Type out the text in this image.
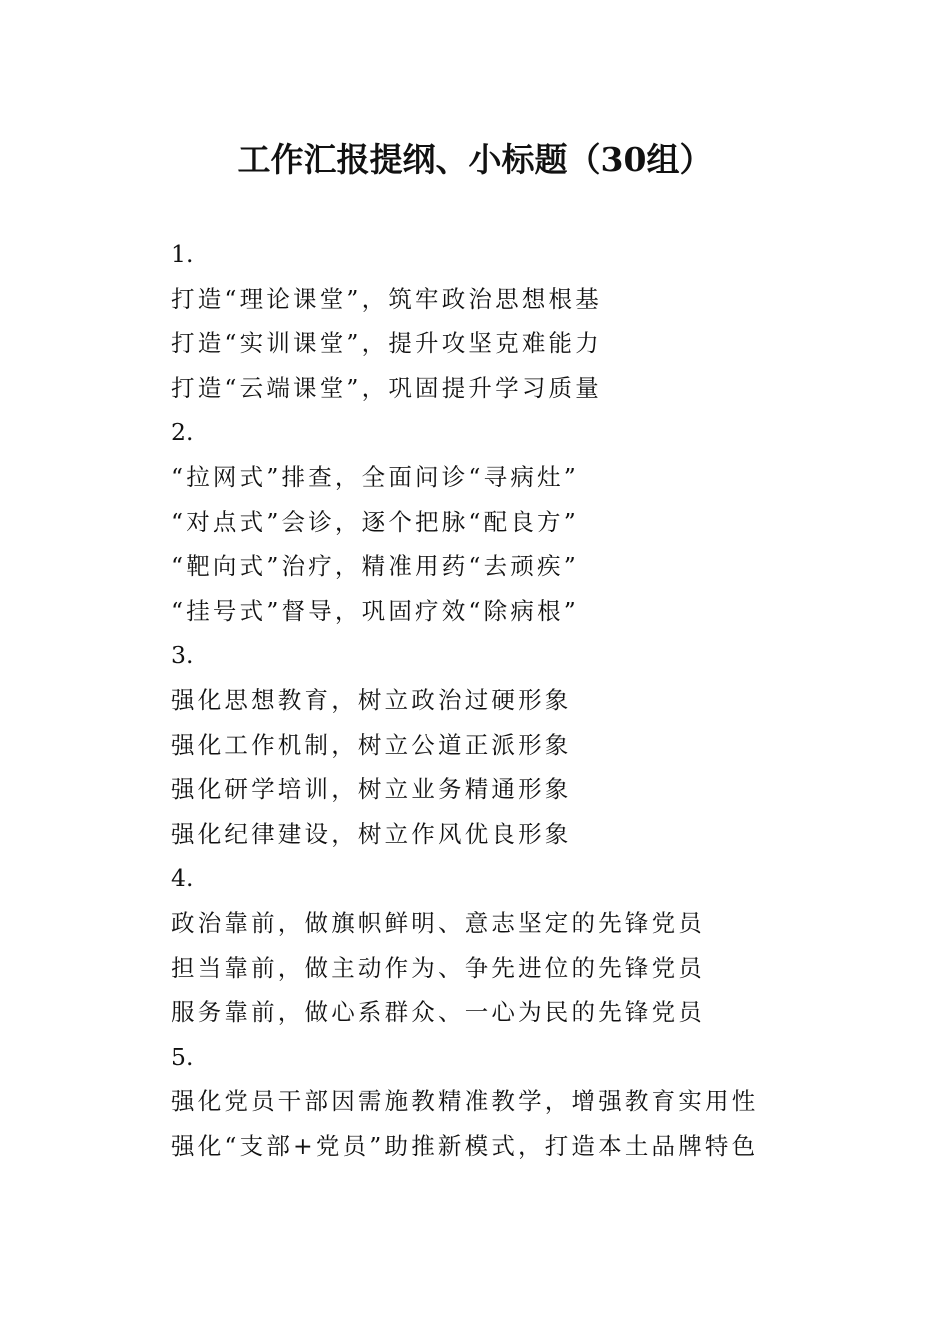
工作汇报提纲、小标题（30组）
1.
打造“理论课堂”，筑牢政治思想根基
打造“实训课堂”，提升攻坚克难能力
打造“云端课堂”，巩固提升学习质量
2.
“拉网式”排查，全面问诊“寻病灶”
“对点式”会诊，逐个把脉“配良方”
“靶向式”治疗，精准用药“去顽疾”
“挂号式”督导，巩固疗效“除病根”
3.
强化思想教育，树立政治过硬形象
强化工作机制，树立公道正派形象
强化研学培训，树立业务精通形象
强化纪律建设，树立作风优良形象
4.
政治靠前，做旗帜鲜明、意志坚定的先锋党员
担当靠前，做主动作为、争先进位的先锋党员
服务靠前，做心系群众、一心为民的先锋党员
5.
强化党员干部因需施教精准教学，增强教育实用性
强化“支部+党员”助推新模式，打造本土品牌特色
